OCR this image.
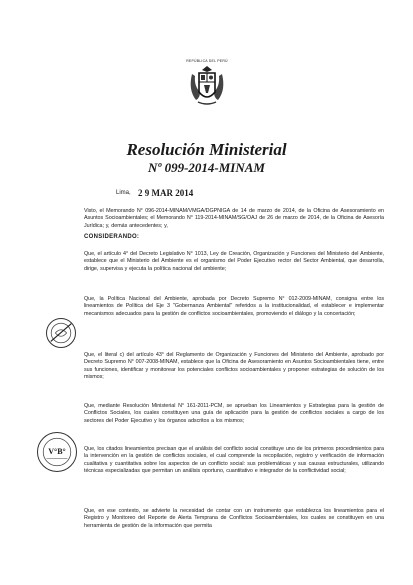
REPÚBLICA DEL PERÚ
Resolución Ministerial
Nº 099-2014-MINAM
Lima, 2 9 MAR 2014
Visto, el Memorando N° 096-2014-MINAM/VMGA/DGPNIGA de 14 de marzo de 2014, de la Oficina de Asesoramiento en Asuntos Socioambientales; el Memorando N° 119-2014-MINAM/SG/OAJ de 26 de marzo de 2014, de la Oficina de Asesoría Jurídica; y, demás antecedentes; y,
CONSIDERANDO:
Que, el artículo 4° del Decreto Legislativo N° 1013, Ley de Creación, Organización y Funciones del Ministerio del Ambiente, establece que el Ministerio del Ambiente es el organismo del Poder Ejecutivo rector del Sector Ambiental, que desarrolla, dirige, supervisa y ejecuta la política nacional del ambiente;
Que, la Política Nacional del Ambiente, aprobada por Decreto Supremo N° 012-2009-MINAM, consigna entre los lineamientos de Política del Eje 3 "Gobernanza Ambiental" referidos a la institucionalidad, el establecer e implementar mecanismos adecuados para la gestión de conflictos socioambientales, promoviendo el diálogo y la concertación;
Que, el literal c) del artículo 43° del Reglamento de Organización y Funciones del Ministerio del Ambiente, aprobado por Decreto Supremo N° 007-2008-MINAM, establece que la Oficina de Asesoramiento en Asuntos Socioambientales tiene, entre sus funciones, identificar y monitorear los potenciales conflictos socioambientales y proponer estrategias de solución de los mismos;
Que, mediante Resolución Ministerial N° 161-2011-PCM, se aprueban los Lineamientos y Estrategias para la gestión de Conflictos Sociales, los cuales constituyen una guía de aplicación para la gestión de conflictos sociales a cargo de los sectores del Poder Ejecutivo y los órganos adscritos a los mismos;
Que, los citados lineamientos precisan que el análisis del conflicto social constituye uno de los primeros procedimientos para la intervención en la gestión de conflictos sociales, el cual comprende la recopilación, registro y verificación de información cualitativa y cuantitativa sobre los aspectos de un conflicto social: sus problemáticas y sus causas estructurales, utilizando técnicas especializadas que permitan un análisis oportuno, cuantitativo e integrador de la conflictividad social;
Que, en ese contexto, se advierte la necesidad de contar con un instrumento que establezca los lineamientos para el Registro y Monitoreo del Reporte de Alerta Temprana de Conflictos Socioambientales, los cuales se constituyen en una herramienta de gestión de la información que permita
V°B°
